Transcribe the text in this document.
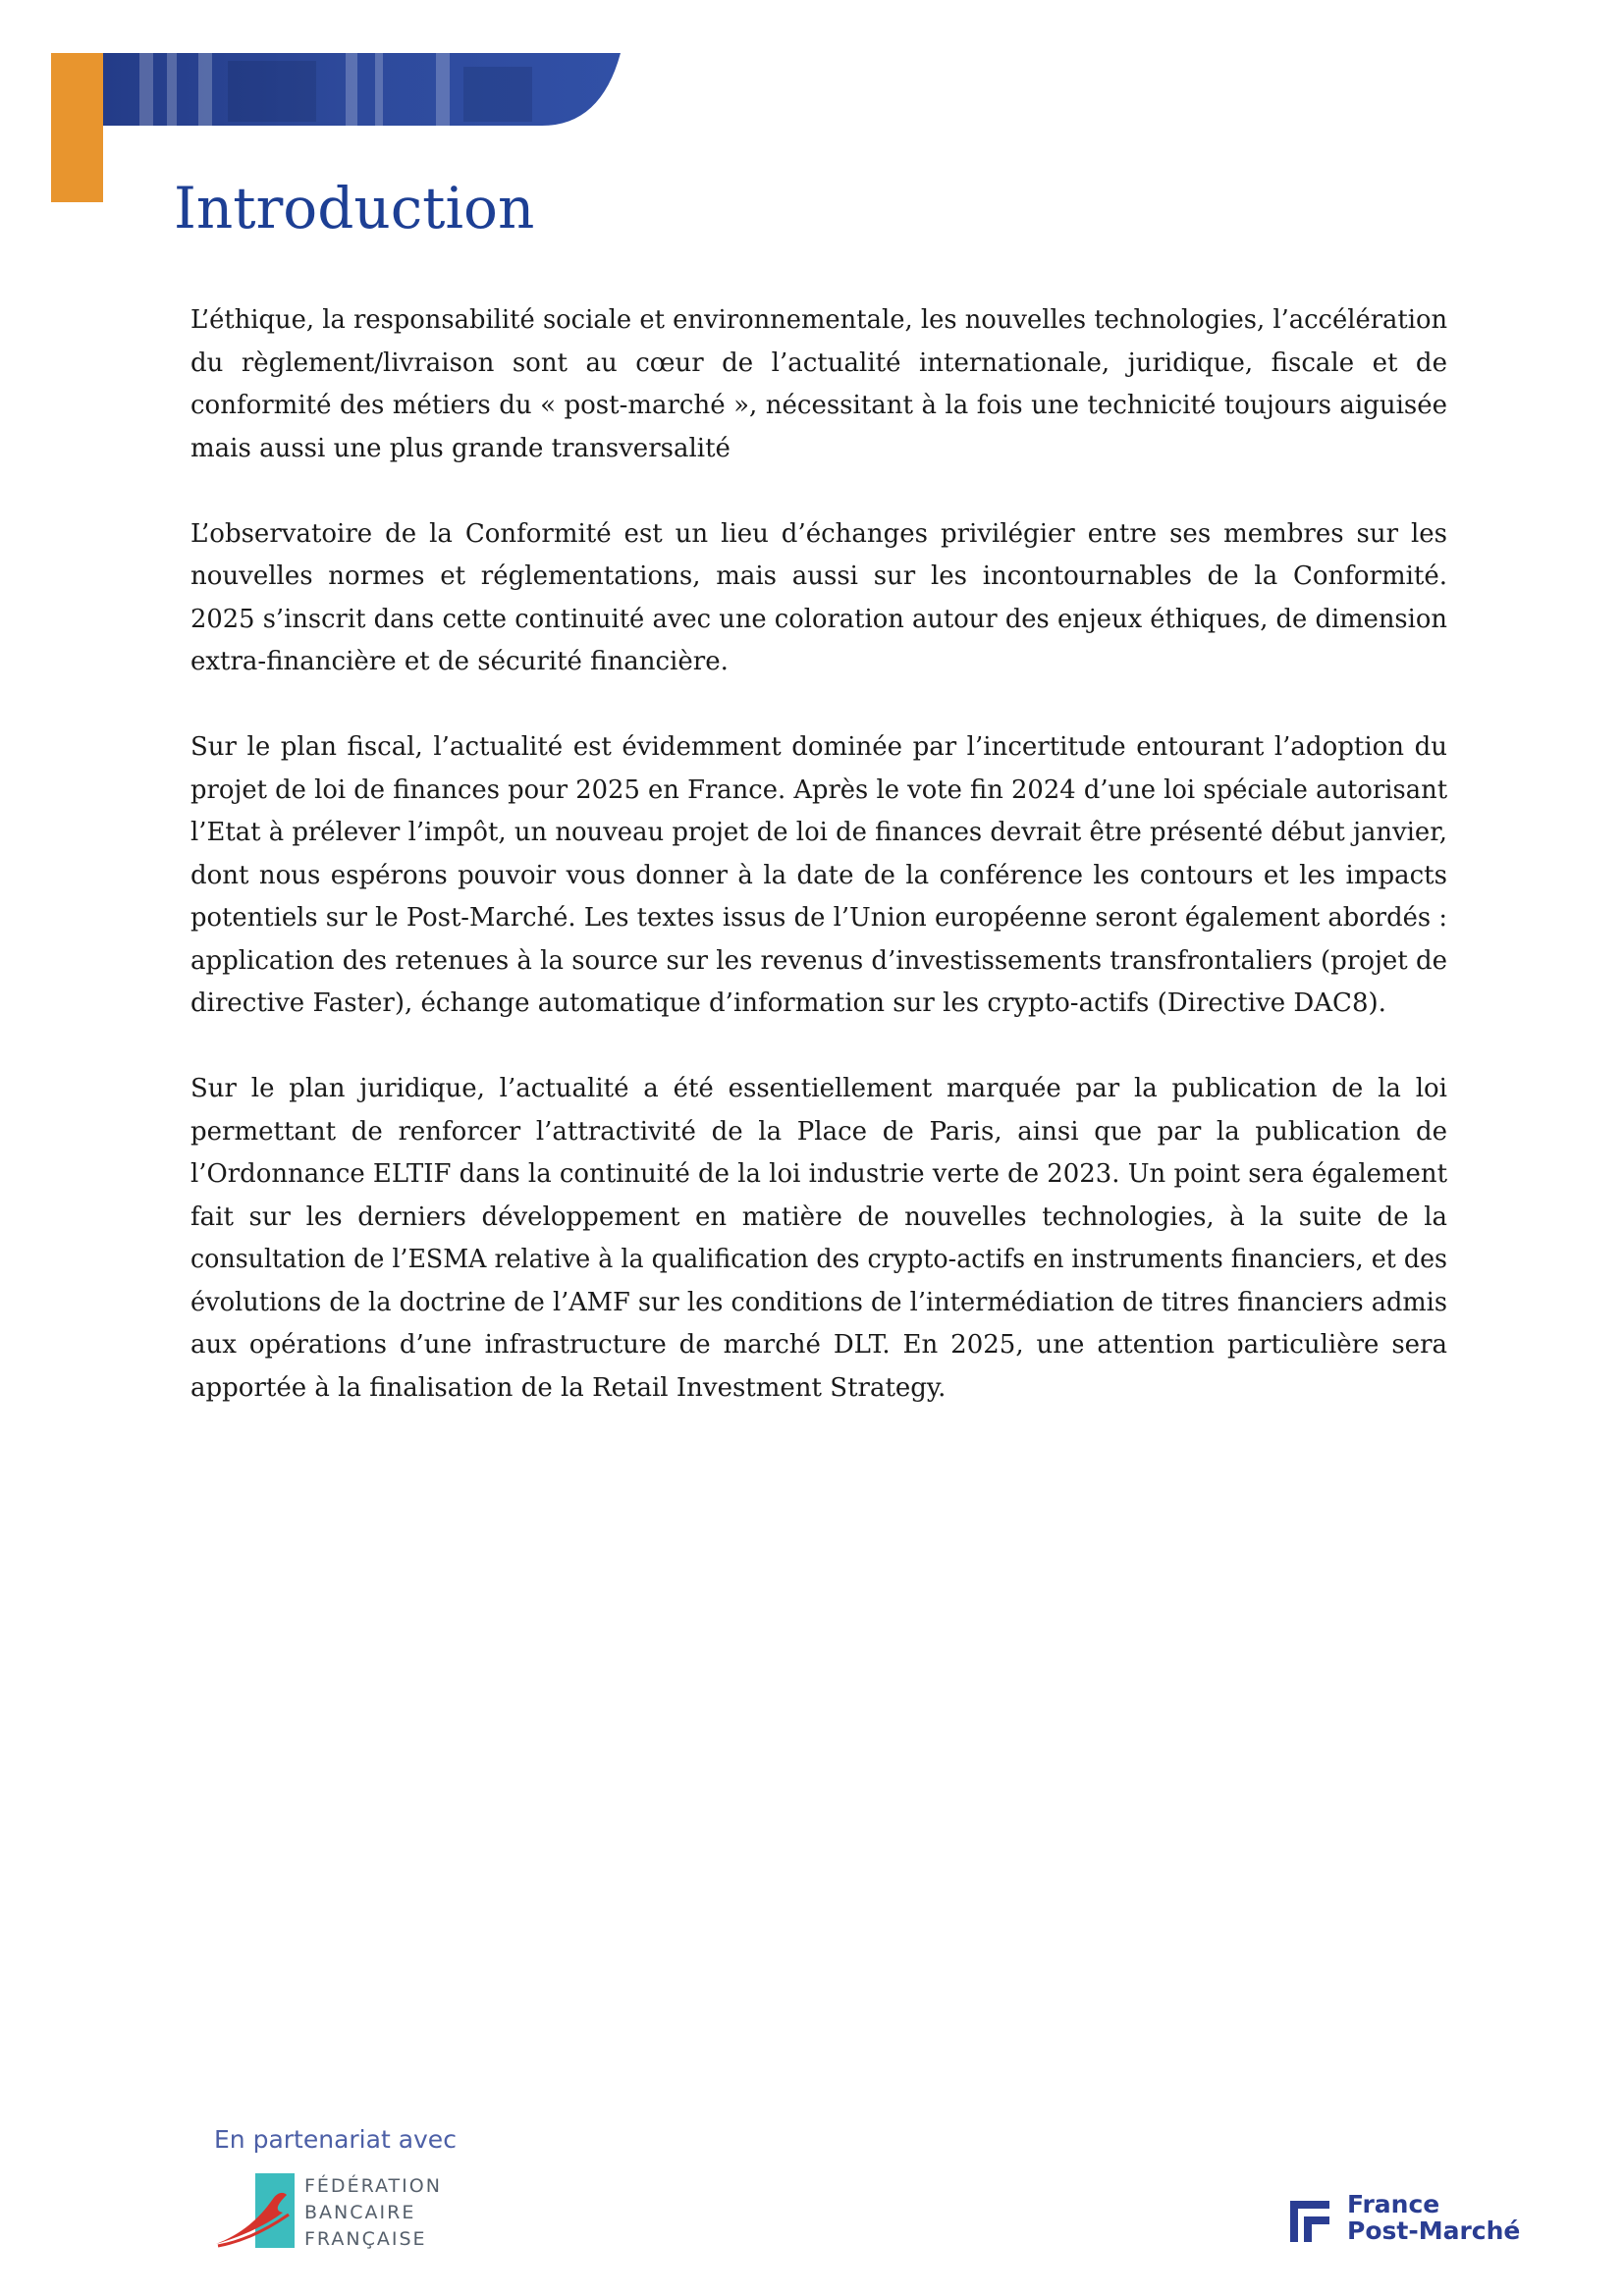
Introduction

L’éthique, la responsabilité sociale et environnementale, les nouvelles technologies, l’accélération
du règlement/livraison sont au cœur de l’actualité internationale, juridique, fiscale et de
conformité des métiers du « post-marché », nécessitant à la fois une technicité toujours aiguisée
mais aussi une plus grande transversalité

L’observatoire de la Conformité est un lieu d’échanges privilégier entre ses membres sur les
nouvelles normes et réglementations, mais aussi sur les incontournables de la Conformité.
2025 s’inscrit dans cette continuité avec une coloration autour des enjeux éthiques, de dimension
extra-financière et de sécurité financière.

Sur le plan fiscal, l’actualité est évidemment dominée par l’incertitude entourant l’adoption du
projet de loi de finances pour 2025 en France. Après le vote fin 2024 d’une loi spéciale autorisant
l’Etat à prélever l’impôt, un nouveau projet de loi de finances devrait être présenté début janvier,
dont nous espérons pouvoir vous donner à la date de la conférence les contours et les impacts
potentiels sur le Post-Marché. Les textes issus de l’Union européenne seront également abordés :
application des retenues à la source sur les revenus d’investissements transfrontaliers (projet de
directive Faster), échange automatique d’information sur les crypto-actifs (Directive DAC8).

Sur le plan juridique, l’actualité a été essentiellement marquée par la publication de la loi
permettant de renforcer l’attractivité de la Place de Paris, ainsi que par la publication de
l’Ordonnance ELTIF dans la continuité de la loi industrie verte de 2023. Un point sera également
fait sur les derniers développement en matière de nouvelles technologies, à la suite de la
consultation de l’ESMA relative à la qualification des crypto-actifs en instruments financiers, et des
évolutions de la doctrine de l’AMF sur les conditions de l’intermédiation de titres financiers admis
aux opérations d’une infrastructure de marché DLT. En 2025, une attention particulière sera
apportée à la finalisation de la Retail Investment Strategy.

En partenariat avec
FÉDÉRATION
BANCAIRE
FRANÇAISE
France
Post-Marché
